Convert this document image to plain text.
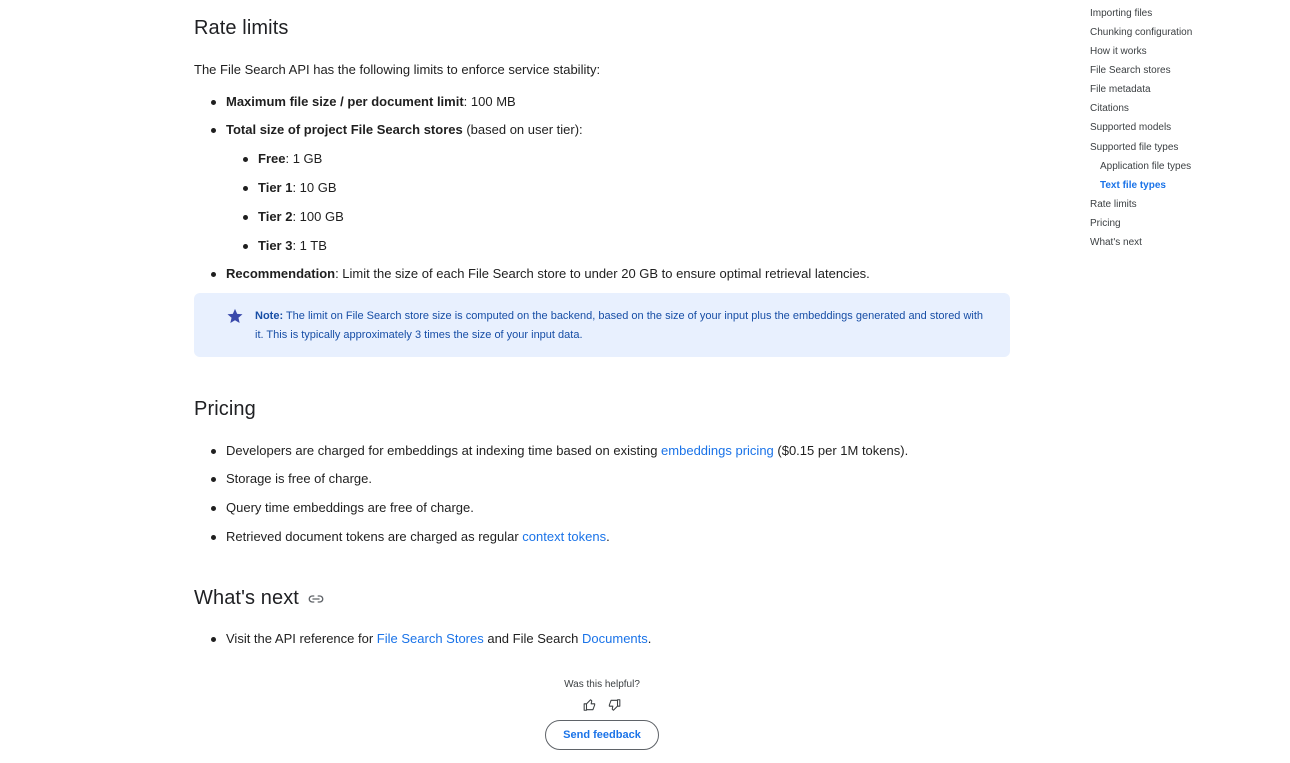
Rate limits
The File Search API has the following limits to enforce service stability:
Maximum file size / per document limit: 100 MB
Total size of project File Search stores (based on user tier):
Free: 1 GB
Tier 1: 10 GB
Tier 2: 100 GB
Tier 3: 1 TB
Recommendation: Limit the size of each File Search store to under 20 GB to ensure optimal retrieval latencies.
Note: The limit on File Search store size is computed on the backend, based on the size of your input plus the embeddings generated and stored with it. This is typically approximately 3 times the size of your input data.
Pricing
Developers are charged for embeddings at indexing time based on existing embeddings pricing ($0.15 per 1M tokens).
Storage is free of charge.
Query time embeddings are free of charge.
Retrieved document tokens are charged as regular context tokens.
What's next
Visit the API reference for File Search Stores and File Search Documents.
Was this helpful?
Send feedback
Importing files
Chunking configuration
How it works
File Search stores
File metadata
Citations
Supported models
Supported file types
Application file types
Text file types
Rate limits
Pricing
What's next
